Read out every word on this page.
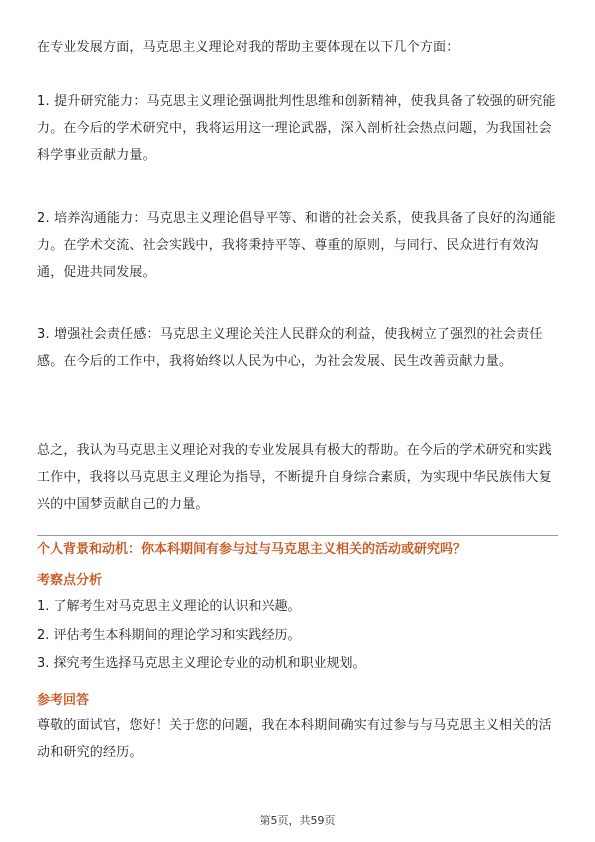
在专业发展方面，马克思主义理论对我的帮助主要体现在以下几个方面：

1. 提升研究能力：马克思主义理论强调批判性思维和创新精神，使我具备了较强的研究能力。在今后的学术研究中，我将运用这一理论武器，深入剖析社会热点问题，为我国社会科学事业贡献力量。

2. 培养沟通能力：马克思主义理论倡导平等、和谐的社会关系，使我具备了良好的沟通能力。在学术交流、社会实践中，我将秉持平等、尊重的原则，与同行、民众进行有效沟通，促进共同发展。

3. 增强社会责任感：马克思主义理论关注人民群众的利益，使我树立了强烈的社会责任感。在今后的工作中，我将始终以人民为中心，为社会发展、民生改善贡献力量。

总之，我认为马克思主义理论对我的专业发展具有极大的帮助。在今后的学术研究和实践工作中，我将以马克思主义理论为指导，不断提升自身综合素质，为实现中华民族伟大复兴的中国梦贡献自己的力量。

个人背景和动机：你本科期间有参与过与马克思主义相关的活动或研究吗？

考察点分析

1. 了解考生对马克思主义理论的认识和兴趣。

2. 评估考生本科期间的理论学习和实践经历。

3. 探究考生选择马克思主义理论专业的动机和职业规划。

参考回答

尊敬的面试官，您好！关于您的问题，我在本科期间确实有过参与与马克思主义相关的活动和研究的经历。

第5页，共59页
